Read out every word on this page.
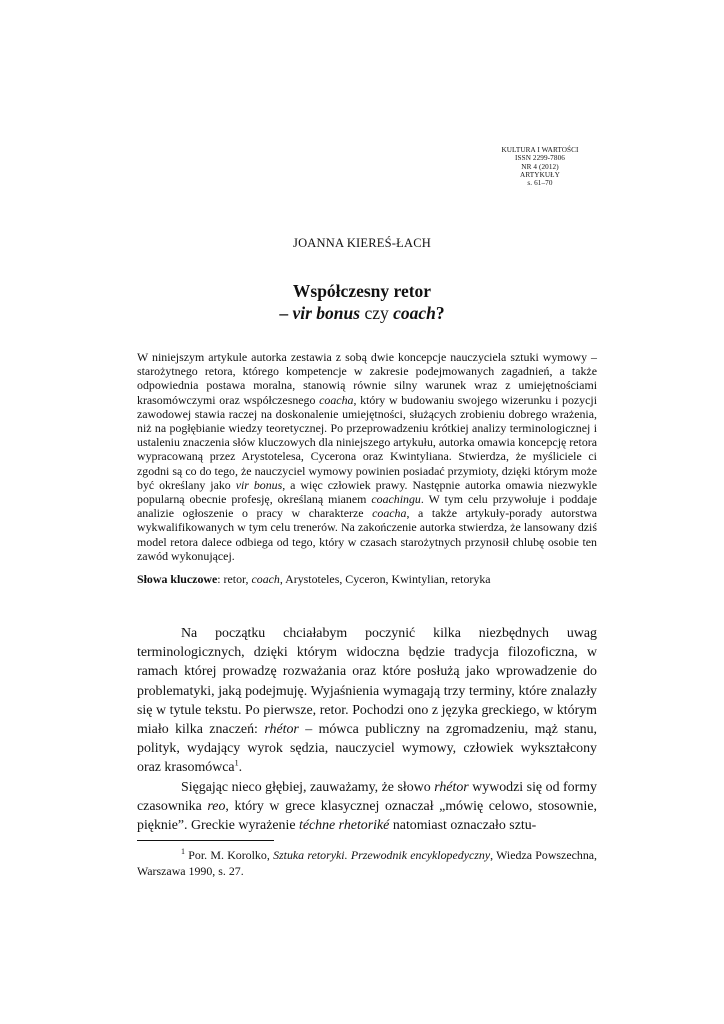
KULTURA I WARTOŚCI
ISSN 2299-7806
NR 4 (2012)
ARTYKUŁY
s. 61–70
JOANNA KIEREŚ-ŁACH
Współczesny retor
– vir bonus czy coach?

W niniejszym artykule autorka zestawia z sobą dwie koncepcje nauczyciela sztuki wymowy – starożytnego retora, którego kompetencje w zakresie podejmowanych zagadnień, a także odpowiednia postawa moralna, stanowią równie silny warunek wraz z umiejętnościami krasomówczymi oraz współczesnego coacha, który w budowaniu swojego wizerunku i pozycji zawodowej stawia raczej na doskonalenie umiejętności, służących zrobieniu dobrego wrażenia, niż na pogłębianie wiedzy teoretycznej. Po przeprowadzeniu krótkiej analizy terminologicznej i ustaleniu znaczenia słów kluczowych dla niniejszego artykułu, autorka omawia koncepcję retora wypracowaną przez Arystotelesa, Cycerona oraz Kwintyliana. Stwierdza, że myśliciele ci zgodni są co do tego, że nauczyciel wymowy powinien posiadać przymioty, dzięki którym może być określany jako vir bonus, a więc człowiek prawy. Następnie autorka omawia niezwykle popularną obecnie profesję, określaną mianem coachingu. W tym celu przywołuje i poddaje analizie ogłoszenie o pracy w charakterze coacha, a także artykuły-porady autorstwa wykwalifikowanych w tym celu trenerów. Na zakończenie autorka stwierdza, że lansowany dziś model retora dalece odbiega od tego, który w czasach starożytnych przynosił chlubę osobie ten zawód wykonującej.

Słowa kluczowe: retor, coach, Arystoteles, Cyceron, Kwintylian, retoryka

Na początku chciałabym poczynić kilka niezbędnych uwag terminologicznych, dzięki którym widoczna będzie tradycja filozoficzna, w ramach której prowadzę rozważania oraz które posłużą jako wprowadzenie do problematyki, jaką podejmuję. Wyjaśnienia wymagają trzy terminy, które znalazły się w tytule tekstu. Po pierwsze, retor. Pochodzi ono z języka greckiego, w którym miało kilka znaczeń: rhétor – mówca publiczny na zgromadzeniu, mąż stanu, polityk, wydający wyrok sędzia, nauczyciel wymowy, człowiek wykształcony oraz krasomówca$^1$.

Sięgając nieco głębiej, zauważamy, że słowo rhétor wywodzi się od formy czasownika reo, który w grece klasycznej oznaczał „mówię celowo, stosownie, pięknie”. Greckie wyrażenie téchne rhetoriké natomiast oznaczało sztu-

$^1$ Por. M. Korolko, Sztuka retoryki. Przewodnik encyklopedyczny, Wiedza Powszechna, Warszawa 1990, s. 27.
